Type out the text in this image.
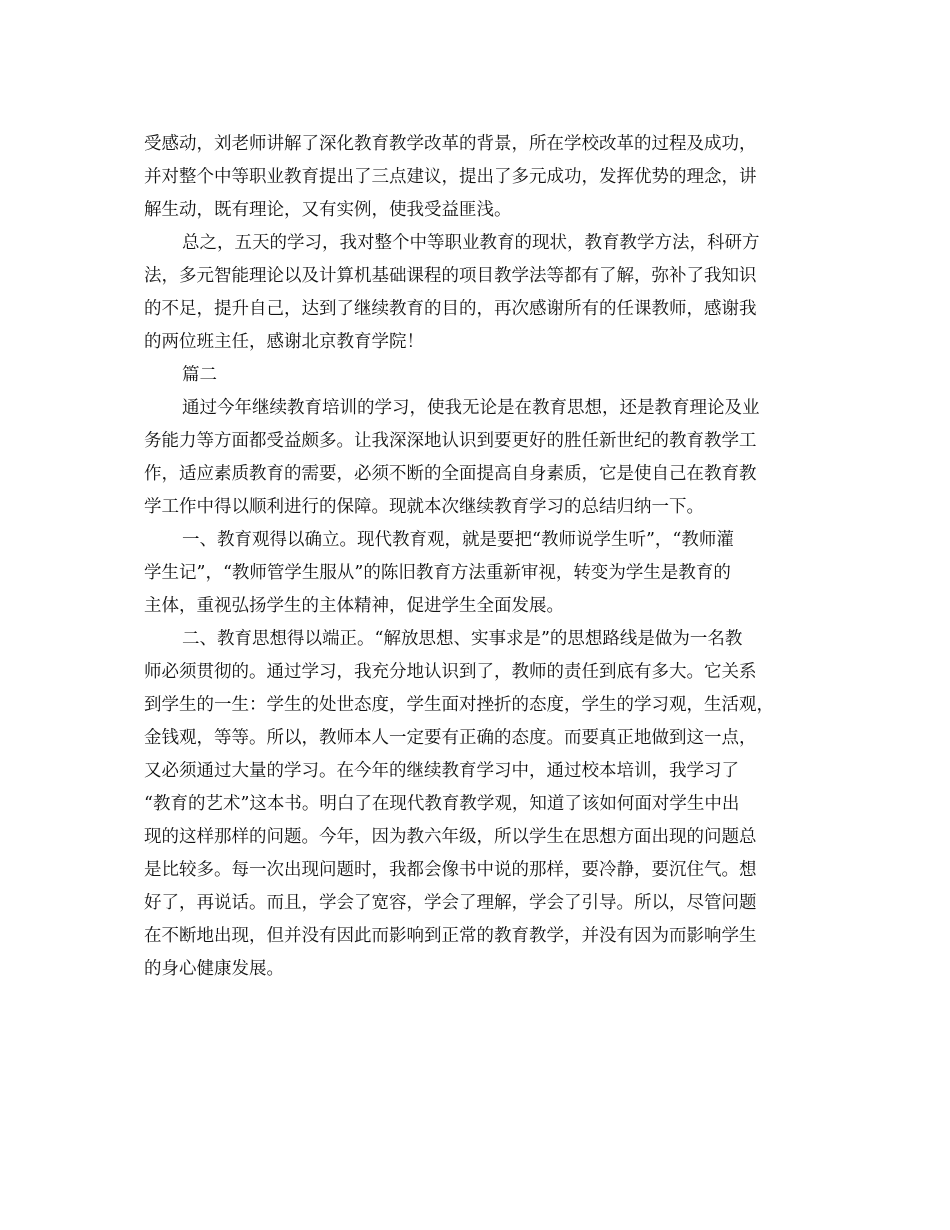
受感动，刘老师讲解了深化教育教学改革的背景，所在学校改革的过程及成功，
并对整个中等职业教育提出了三点建议，提出了多元成功，发挥优势的理念，讲
解生动，既有理论，又有实例，使我受益匪浅。
总之，五天的学习，我对整个中等职业教育的现状，教育教学方法，科研方
法，多元智能理论以及计算机基础课程的项目教学法等都有了解，弥补了我知识
的不足，提升自己，达到了继续教育的目的，再次感谢所有的任课教师，感谢我
的两位班主任，感谢北京教育学院！
篇二
通过今年继续教育培训的学习，使我无论是在教育思想，还是教育理论及业
务能力等方面都受益颇多。让我深深地认识到要更好的胜任新世纪的教育教学工
作，适应素质教育的需要，必须不断的全面提高自身素质，它是使自己在教育教
学工作中得以顺利进行的保障。现就本次继续教育学习的总结归纳一下。
一、教育观得以确立。现代教育观，就是要把“教师说学生听”，“教师灌
学生记”，“教师管学生服从”的陈旧教育方法重新审视，转变为学生是教育的
主体，重视弘扬学生的主体精神，促进学生全面发展。
二、教育思想得以端正。“解放思想、实事求是”的思想路线是做为一名教
师必须贯彻的。通过学习，我充分地认识到了，教师的责任到底有多大。它关系
到学生的一生：学生的处世态度，学生面对挫折的态度，学生的学习观，生活观，
金钱观，等等。所以，教师本人一定要有正确的态度。而要真正地做到这一点，
又必须通过大量的学习。在今年的继续教育学习中，通过校本培训，我学习了
“教育的艺术”这本书。明白了在现代教育教学观，知道了该如何面对学生中出
现的这样那样的问题。今年，因为教六年级，所以学生在思想方面出现的问题总
是比较多。每一次出现问题时，我都会像书中说的那样，要冷静，要沉住气。想
好了，再说话。而且，学会了宽容，学会了理解，学会了引导。所以，尽管问题
在不断地出现，但并没有因此而影响到正常的教育教学，并没有因为而影响学生
的身心健康发展。
